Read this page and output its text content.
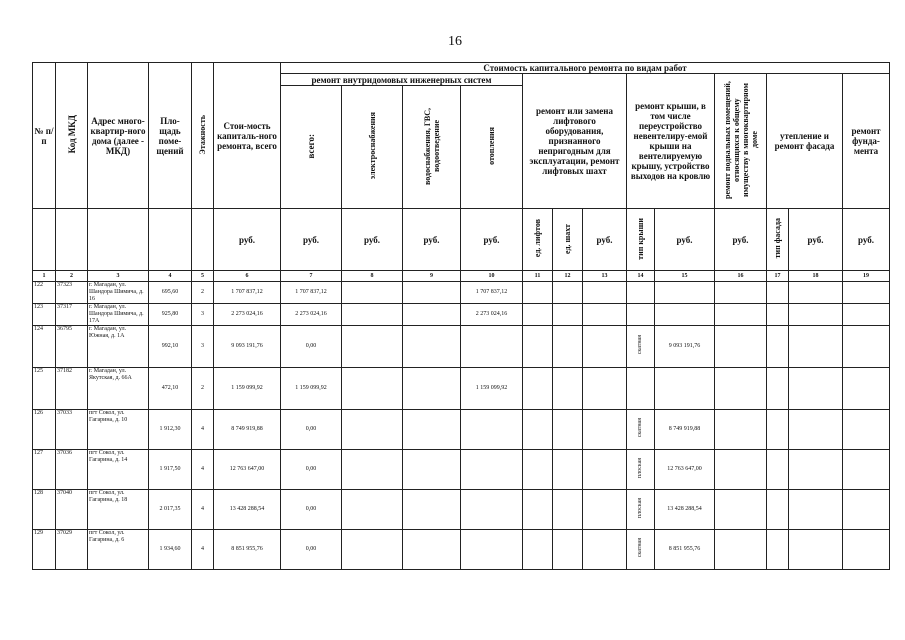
16
№ п/п	Код МКД	Адрес много-квартир-ного дома (далее - МКД)	Пло-щадь поме-щений	Этажность	Стои-мость капиталь-ного ремонта, всего	Стоимость капитального ремонта по видам работ												
						ремонт внутридомовых инженерных систем				ремонт или замена лифтового оборудования, признанного непригодным для эксплуатации, ремонт лифтовых шахт			ремонт крыши, в том числе переустройство невентелиру-емой крыши на вентелируемую крышу, устройство выходов на кровлю		ремонт подвальных помещений, относящихся к общему имуществу в многоквартирном доме	утепление и ремонт фасада		ремонт фунда-мента
						всего:	электроснабжения	водоснабжения, ГВС, водоотведение	отопления									
					руб.	руб.	руб.	руб.	руб.	ед. лифтов	ед. шахт	руб.	тип крыши	руб.	руб.	тип фасада	руб.	руб.
1	2	3	4	5	6	7	8	9	10	11	12	13	14	15	16	17	18	19
122	37323	г. Магадан, ул. Шандора Шимича, д. 16	695,60	2	1 707 837,12	1 707 837,12			1 707 837,12									
123	37317	г. Магадан, ул. Шандора Шимича, д. 17А	925,80	3	2 273 024,16	2 273 024,16			2 273 024,16									
124	36795	г. Магадан, ул. Южная, д. 1А	992,10	3	9 093 191,76	0,00							скатная	9 093 191,76				
125	37182	г. Магадан, ул. Якутская, д. 66А	472,10	2	1 159 099,92	1 159 099,92			1 159 099,92									
126	37033	пгт Сокол, ул. Гагарина, д. 10	1 912,30	4	8 749 919,88	0,00							скатная	8 749 919,88				
127	37036	пгт Сокол, ул. Гагарина, д. 14	1 917,50	4	12 763 647,00	0,00							плоская	12 763 647,00				
128	37040	пгт Сокол, ул. Гагарина, д. 18	2 017,35	4	13 428 288,54	0,00							плоская	13 428 288,54				
129	37029	пгт Сокол, ул. Гагарина, д. 6	1 934,60	4	8 851 955,76	0,00							скатная	8 851 955,76				
